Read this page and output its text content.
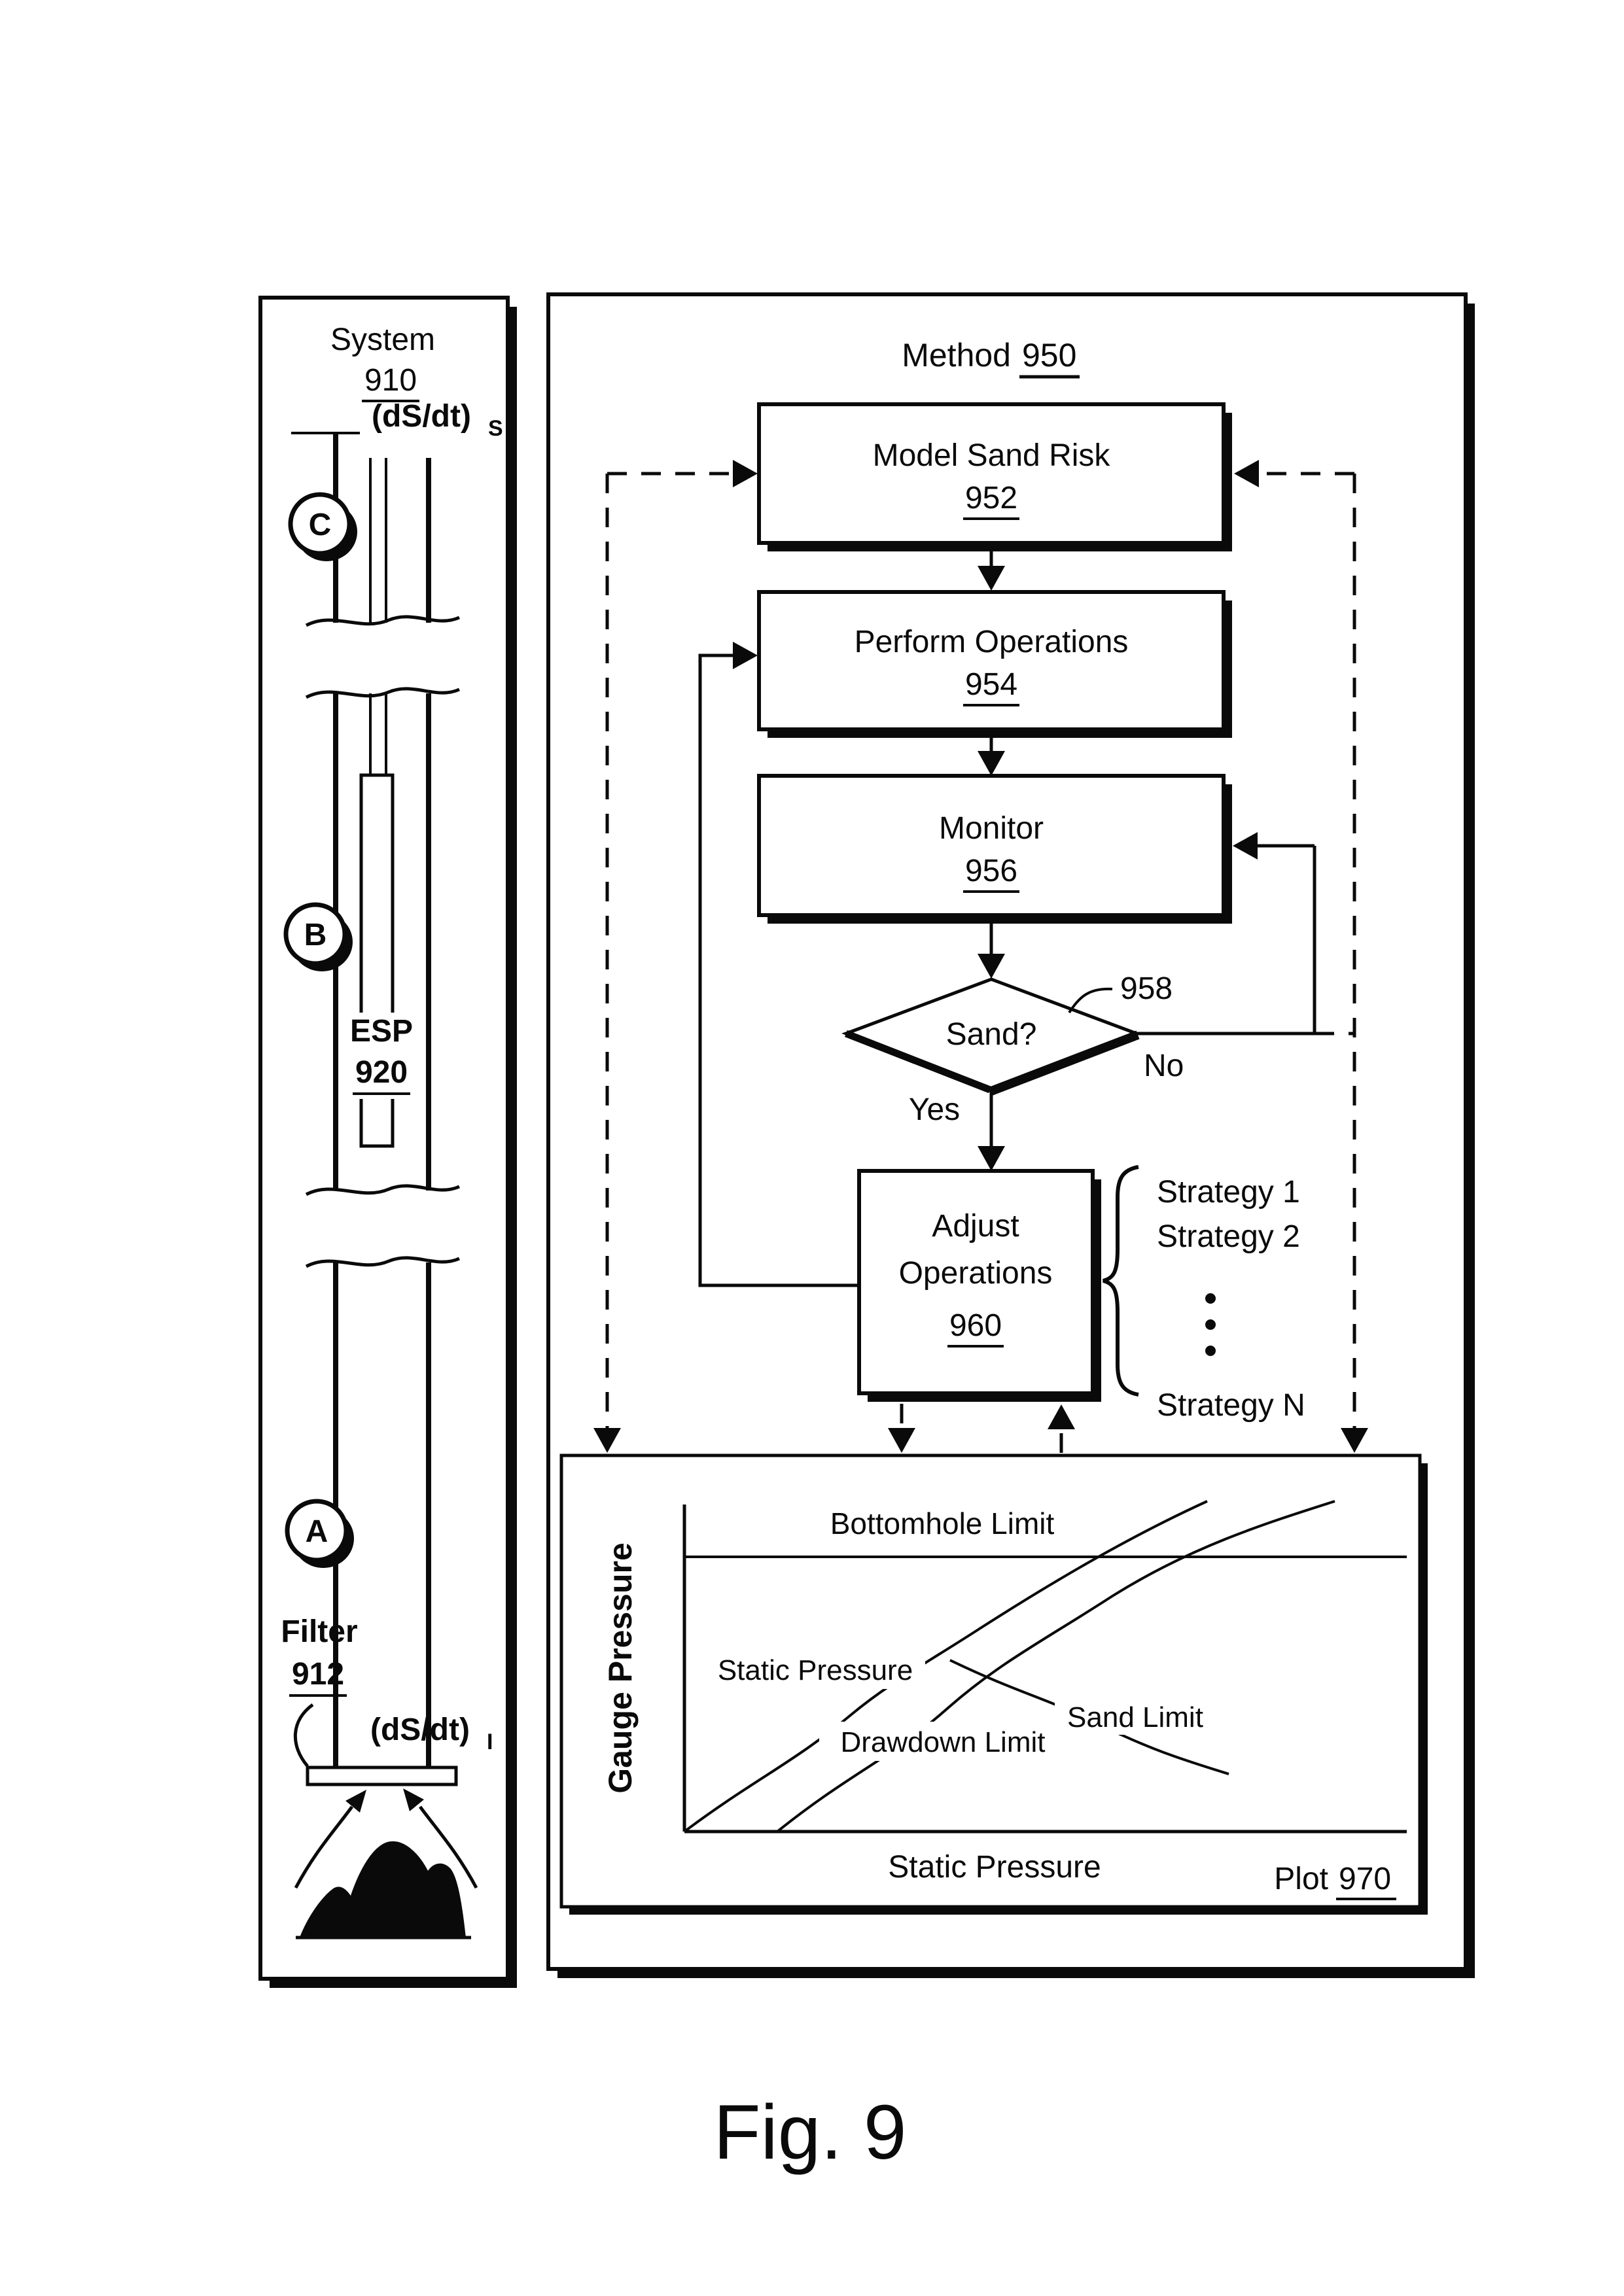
System
910
(dS/dt) S
C
ESP
920
B
A
Filter
912
(dS/dt) I
Method 950
Model Sand Risk
952
Perform Operations
954
Monitor
956
Sand?
958
No
Yes
Adjust
Operations
960
Strategy 1
Strategy 2
Strategy N
Gauge Pressure	Static Pressure
Drawdown Limit
Sand Limit
Bottomhole Limit
Static Pressure	Plot 970
Fig. 9
